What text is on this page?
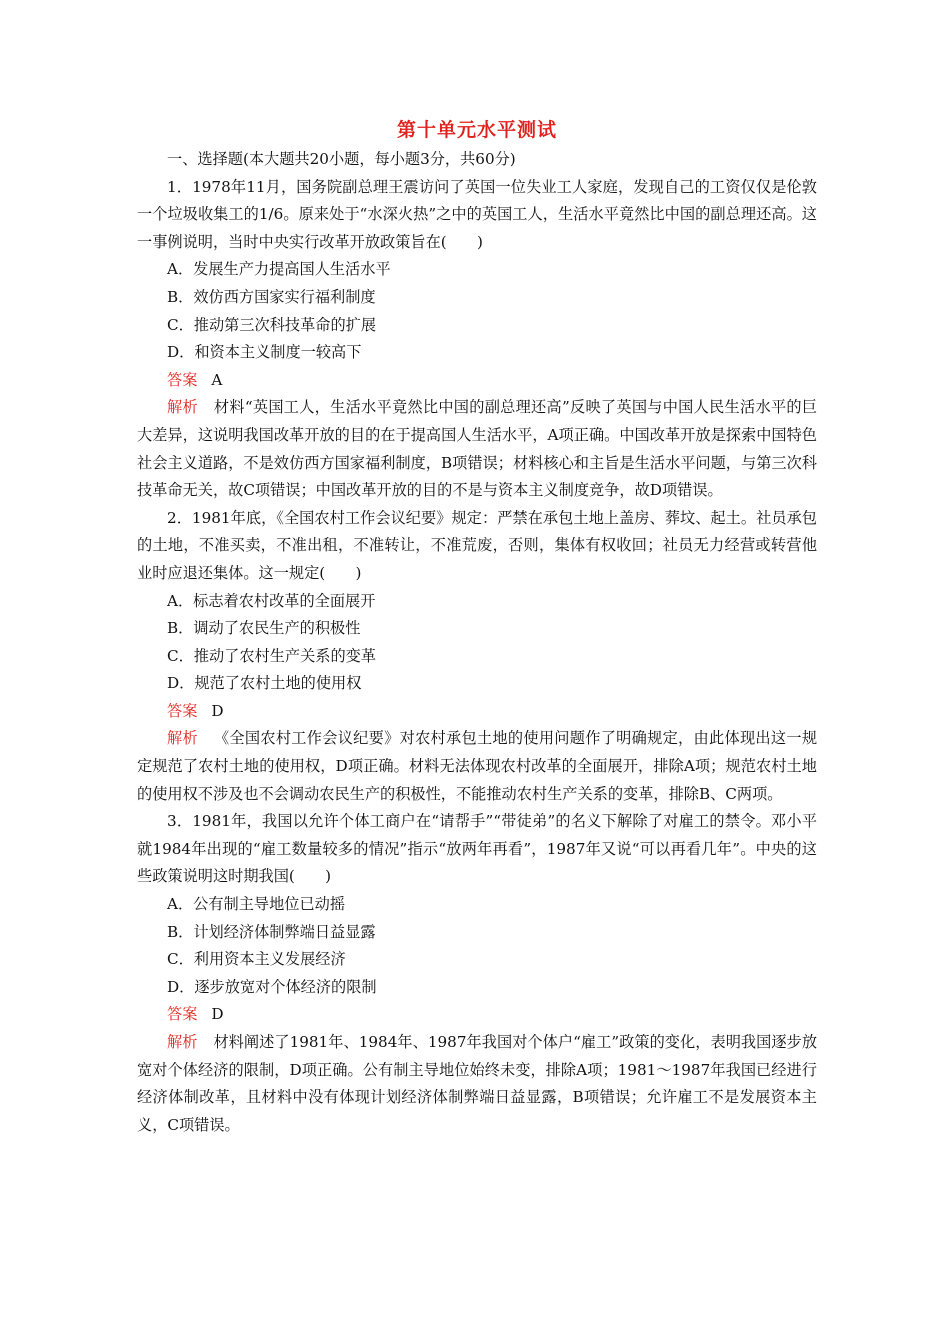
第十单元水平测试

一、选择题(本大题共20小题，每小题3分，共60分)

1．1978年11月，国务院副总理王震访问了英国一位失业工人家庭，发现自己的工资仅仅是伦敦一个垃圾收集工的1/6。原来处于“水深火热”之中的英国工人，生活水平竟然比中国的副总理还高。这一事例说明，当时中央实行改革开放政策旨在(　　)

A．发展生产力提高国人生活水平

B．效仿西方国家实行福利制度

C．推动第三次科技革命的扩展

D．和资本主义制度一较高下

答案 A

解析 材料“英国工人，生活水平竟然比中国的副总理还高”反映了英国与中国人民生活水平的巨大差异，这说明我国改革开放的目的在于提高国人生活水平，A项正确。中国改革开放是探索中国特色社会主义道路，不是效仿西方国家福利制度，B项错误；材料核心和主旨是生活水平问题，与第三次科技革命无关，故C项错误；中国改革开放的目的不是与资本主义制度竞争，故D项错误。

2．1981年底，《全国农村工作会议纪要》规定：严禁在承包土地上盖房、葬坟、起土。社员承包的土地，不准买卖，不准出租，不准转让，不准荒废，否则，集体有权收回；社员无力经营或转营他业时应退还集体。这一规定(　　)

A．标志着农村改革的全面展开

B．调动了农民生产的积极性

C．推动了农村生产关系的变革

D．规范了农村土地的使用权

答案 D

解析 《全国农村工作会议纪要》对农村承包土地的使用问题作了明确规定，由此体现出这一规定规范了农村土地的使用权，D项正确。材料无法体现农村改革的全面展开，排除A项；规范农村土地的使用权不涉及也不会调动农民生产的积极性，不能推动农村生产关系的变革，排除B、C两项。

3．1981年，我国以允许个体工商户在“请帮手”“带徒弟”的名义下解除了对雇工的禁令。邓小平就1984年出现的“雇工数量较多的情况”指示“放两年再看”，1987年又说“可以再看几年”。中央的这些政策说明这时期我国(　　)

A．公有制主导地位已动摇

B．计划经济体制弊端日益显露

C．利用资本主义发展经济

D．逐步放宽对个体经济的限制

答案 D

解析 材料阐述了1981年、1984年、1987年我国对个体户“雇工”政策的变化，表明我国逐步放宽对个体经济的限制，D项正确。公有制主导地位始终未变，排除A项；1981～1987年我国已经进行经济体制改革，且材料中没有体现计划经济体制弊端日益显露，B项错误；允许雇工不是发展资本主义，C项错误。
